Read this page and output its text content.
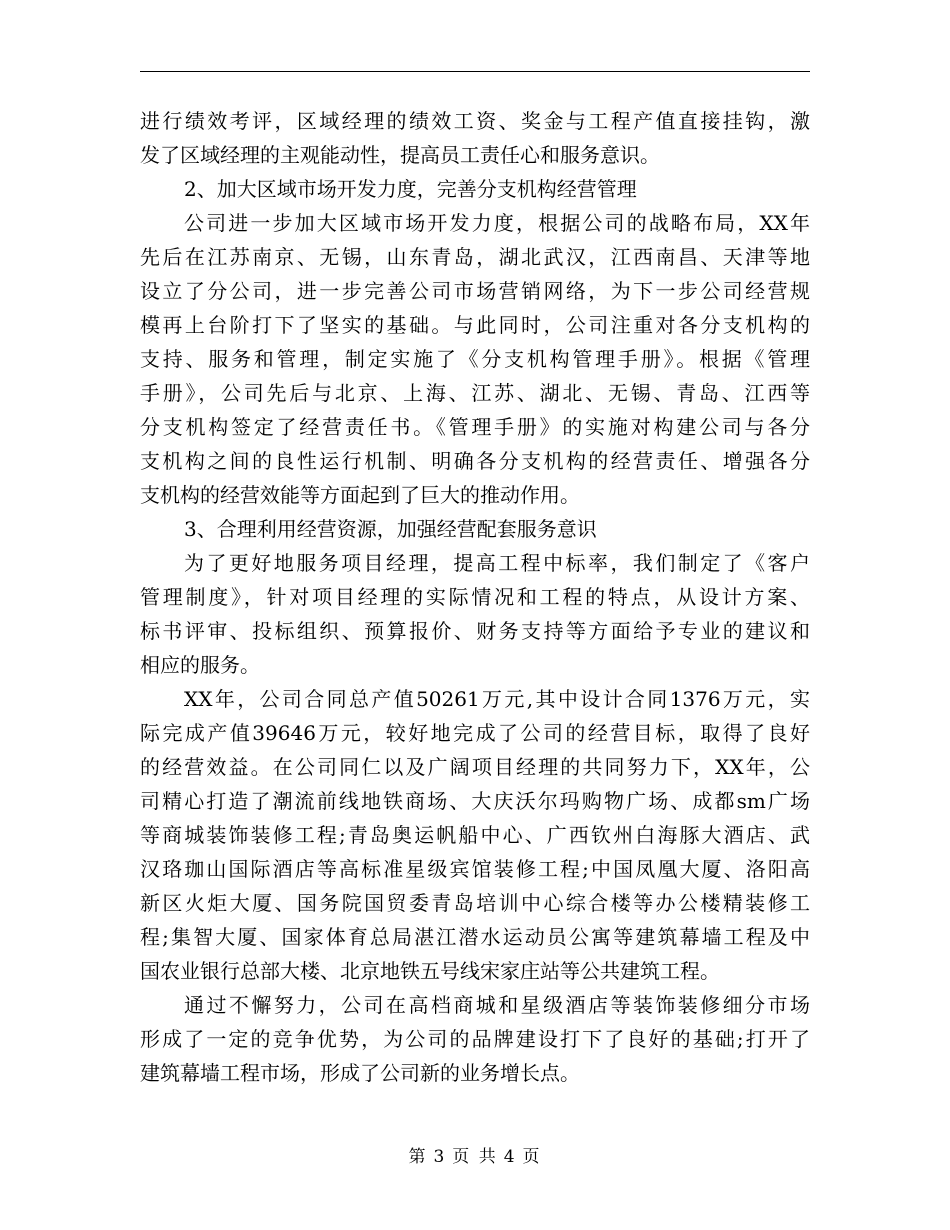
进行绩效考评，区域经理的绩效工资、奖金与工程产值直接挂钩，激
发了区域经理的主观能动性，提高员工责任心和服务意识。
2、加大区域市场开发力度，完善分支机构经营管理
公司进一步加大区域市场开发力度，根据公司的战略布局，XX年
先后在江苏南京、无锡，山东青岛，湖北武汉，江西南昌、天津等地
设立了分公司，进一步完善公司市场营销网络，为下一步公司经营规
模再上台阶打下了坚实的基础。与此同时，公司注重对各分支机构的
支持、服务和管理，制定实施了《分支机构管理手册》。根据《管理
手册》，公司先后与北京、上海、江苏、湖北、无锡、青岛、江西等
分支机构签定了经营责任书。《管理手册》的实施对构建公司与各分
支机构之间的良性运行机制、明确各分支机构的经营责任、增强各分
支机构的经营效能等方面起到了巨大的推动作用。
3、合理利用经营资源，加强经营配套服务意识
为了更好地服务项目经理，提高工程中标率，我们制定了《客户
管理制度》，针对项目经理的实际情况和工程的特点，从设计方案、
标书评审、投标组织、预算报价、财务支持等方面给予专业的建议和
相应的服务。
XX年，公司合同总产值50261万元,其中设计合同1376万元，实
际完成产值39646万元，较好地完成了公司的经营目标，取得了良好
的经营效益。在公司同仁以及广阔项目经理的共同努力下，XX年，公
司精心打造了潮流前线地铁商场、大庆沃尔玛购物广场、成都sm广场
等商城装饰装修工程;青岛奥运帆船中心、广西钦州白海豚大酒店、武
汉珞珈山国际酒店等高标准星级宾馆装修工程;中国凤凰大厦、洛阳高
新区火炬大厦、国务院国贸委青岛培训中心综合楼等办公楼精装修工
程;集智大厦、国家体育总局湛江潜水运动员公寓等建筑幕墙工程及中
国农业银行总部大楼、北京地铁五号线宋家庄站等公共建筑工程。
通过不懈努力，公司在高档商城和星级酒店等装饰装修细分市场
形成了一定的竞争优势，为公司的品牌建设打下了良好的基础;打开了
建筑幕墙工程市场，形成了公司新的业务增长点。
第 3 页 共 4 页
